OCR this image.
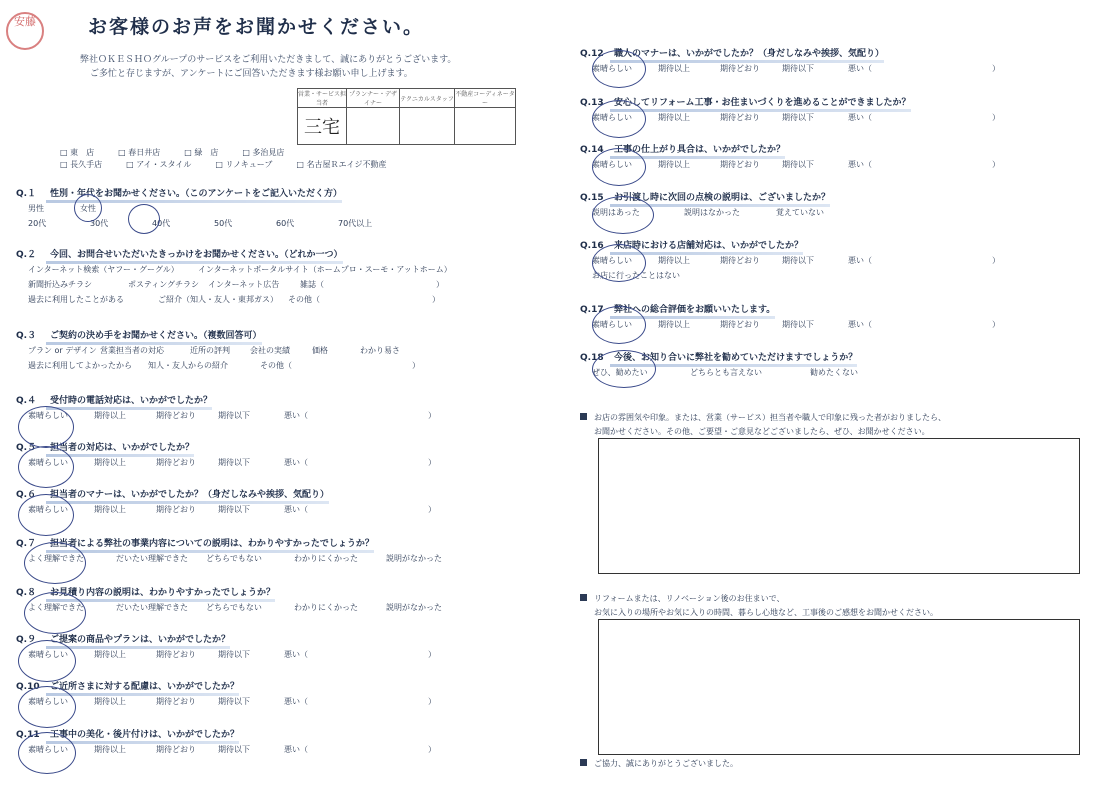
安藤	お客様のお声をお聞かせください。
弊社ＯＫＥＳＨＯグループのサービスをご利用いただきまして、誠にありがとうございます。
ご多忙と存じますが、アンケートにご回答いただきます様お願い申し上げます。
営業・サービス担当者	プランナー・デザイナー	テクニカルスタッフ	不動産コーディネーター
三宅			
□ 東　店	□ 春日井店	□ 緑　店	□ 多治見店
□ 長久手店	□ アイ・スタイル	□ リノキューブ	□ 名古屋Ｒエイジ不動産
Q.１ 性別・年代をお聞かせください。（このアンケートをご記入いただく方）
男性	女性
20代	30代	40代	50代	60代	70代以上
Q.２ 今回、お問合せいただいたきっかけをお聞かせください。（どれか一つ）
インターネット検索（ヤフー・グーグル） インターネットポータルサイト（ホームプロ・スーモ・アットホーム）
新聞折込みチラシ	ポスティングチラシ インターネット広告	雑誌（　　　　　　　　　　　　　　）
過去に利用したことがある	ご紹介（知人・友人・東邦ガス） その他（　　　　　　　　　　　　　　）
Q.３ ご契約の決め手をお聞かせください。（複数回答可）
プラン or デザイン 営業担当者の対応	近所の評判	会社の実績	価格	わかり易さ
過去に利用してよかったから 知人・友人からの紹介	その他（　　　　　　　　　　　　　　　）
Q.４ 受付時の電話対応は、いかがでしたか？
素晴らしい	期待以上	期待どおり	期待以下	悪い（　　　　　　　　　　　　　　　）
Q.５ 担当者の対応は、いかがでしたか？
素晴らしい	期待以上	期待どおり	期待以下	悪い（　　　　　　　　　　　　　　　）
Q.６ 担当者のマナーは、いかがでしたか？（身だしなみや挨拶、気配り）
素晴らしい	期待以上	期待どおり	期待以下	悪い（　　　　　　　　　　　　　　　）
Q.７ 担当者による弊社の事業内容についての説明は、わかりやすかったでしょうか？
よく理解できた	だいたい理解できた どちらでもない	わかりにくかった	説明がなかった
Q.８ お見積り内容の説明は、わかりやすかったでしょうか？
よく理解できた	だいたい理解できた どちらでもない	わかりにくかった	説明がなかった
Q.９ ご提案の商品やプランは、いかがでしたか？
素晴らしい	期待以上	期待どおり	期待以下	悪い（　　　　　　　　　　　　　　　）
Q.10 ご近所さまに対する配慮は、いかがでしたか？
素晴らしい	期待以上	期待どおり	期待以下	悪い（　　　　　　　　　　　　　　　）
Q.11 工事中の美化・後片付けは、いかがでしたか？
素晴らしい	期待以上	期待どおり	期待以下	悪い（　　　　　　　　　　　　　　　）
Q.12 職人のマナーは、いかがでしたか？（身だしなみや挨拶、気配り）
素晴らしい	期待以上	期待どおり	期待以下	悪い（　　　　　　　　　　　　　　　）
Q.13 安心してリフォーム工事・お住まいづくりを進めることができましたか？
素晴らしい	期待以上	期待どおり	期待以下	悪い（　　　　　　　　　　　　　　　）
Q.14 工事の仕上がり具合は、いかがでしたか？
素晴らしい	期待以上	期待どおり	期待以下	悪い（　　　　　　　　　　　　　　　）
Q.15 お引渡し時に次回の点検の説明は、ございましたか？
説明はあった	説明はなかった	覚えていない
Q.16 来店時における店舗対応は、いかがでしたか？
素晴らしい	期待以上	期待どおり	期待以下	悪い（　　　　　　　　　　　　　　　）
お店に行ったことはない
Q.17 弊社への総合評価をお願いいたします。
素晴らしい	期待以上	期待どおり	期待以下	悪い（　　　　　　　　　　　　　　　）
Q.18 今後、お知り合いに弊社を勧めていただけますでしょうか？
ぜひ、勧めたい	どちらとも言えない	勧めたくない
お店の雰囲気や印象。または、営業（サービス）担当者や職人で印象に残った者がおりましたら、
お聞かせください。その他、ご要望・ご意見などございましたら、ぜひ、お聞かせください。
リフォームまたは、リノベーション後のお住まいで、
お気に入りの場所やお気に入りの時間、暮らし心地など、工事後のご感想をお聞かせください。
ご協力、誠にありがとうございました。
